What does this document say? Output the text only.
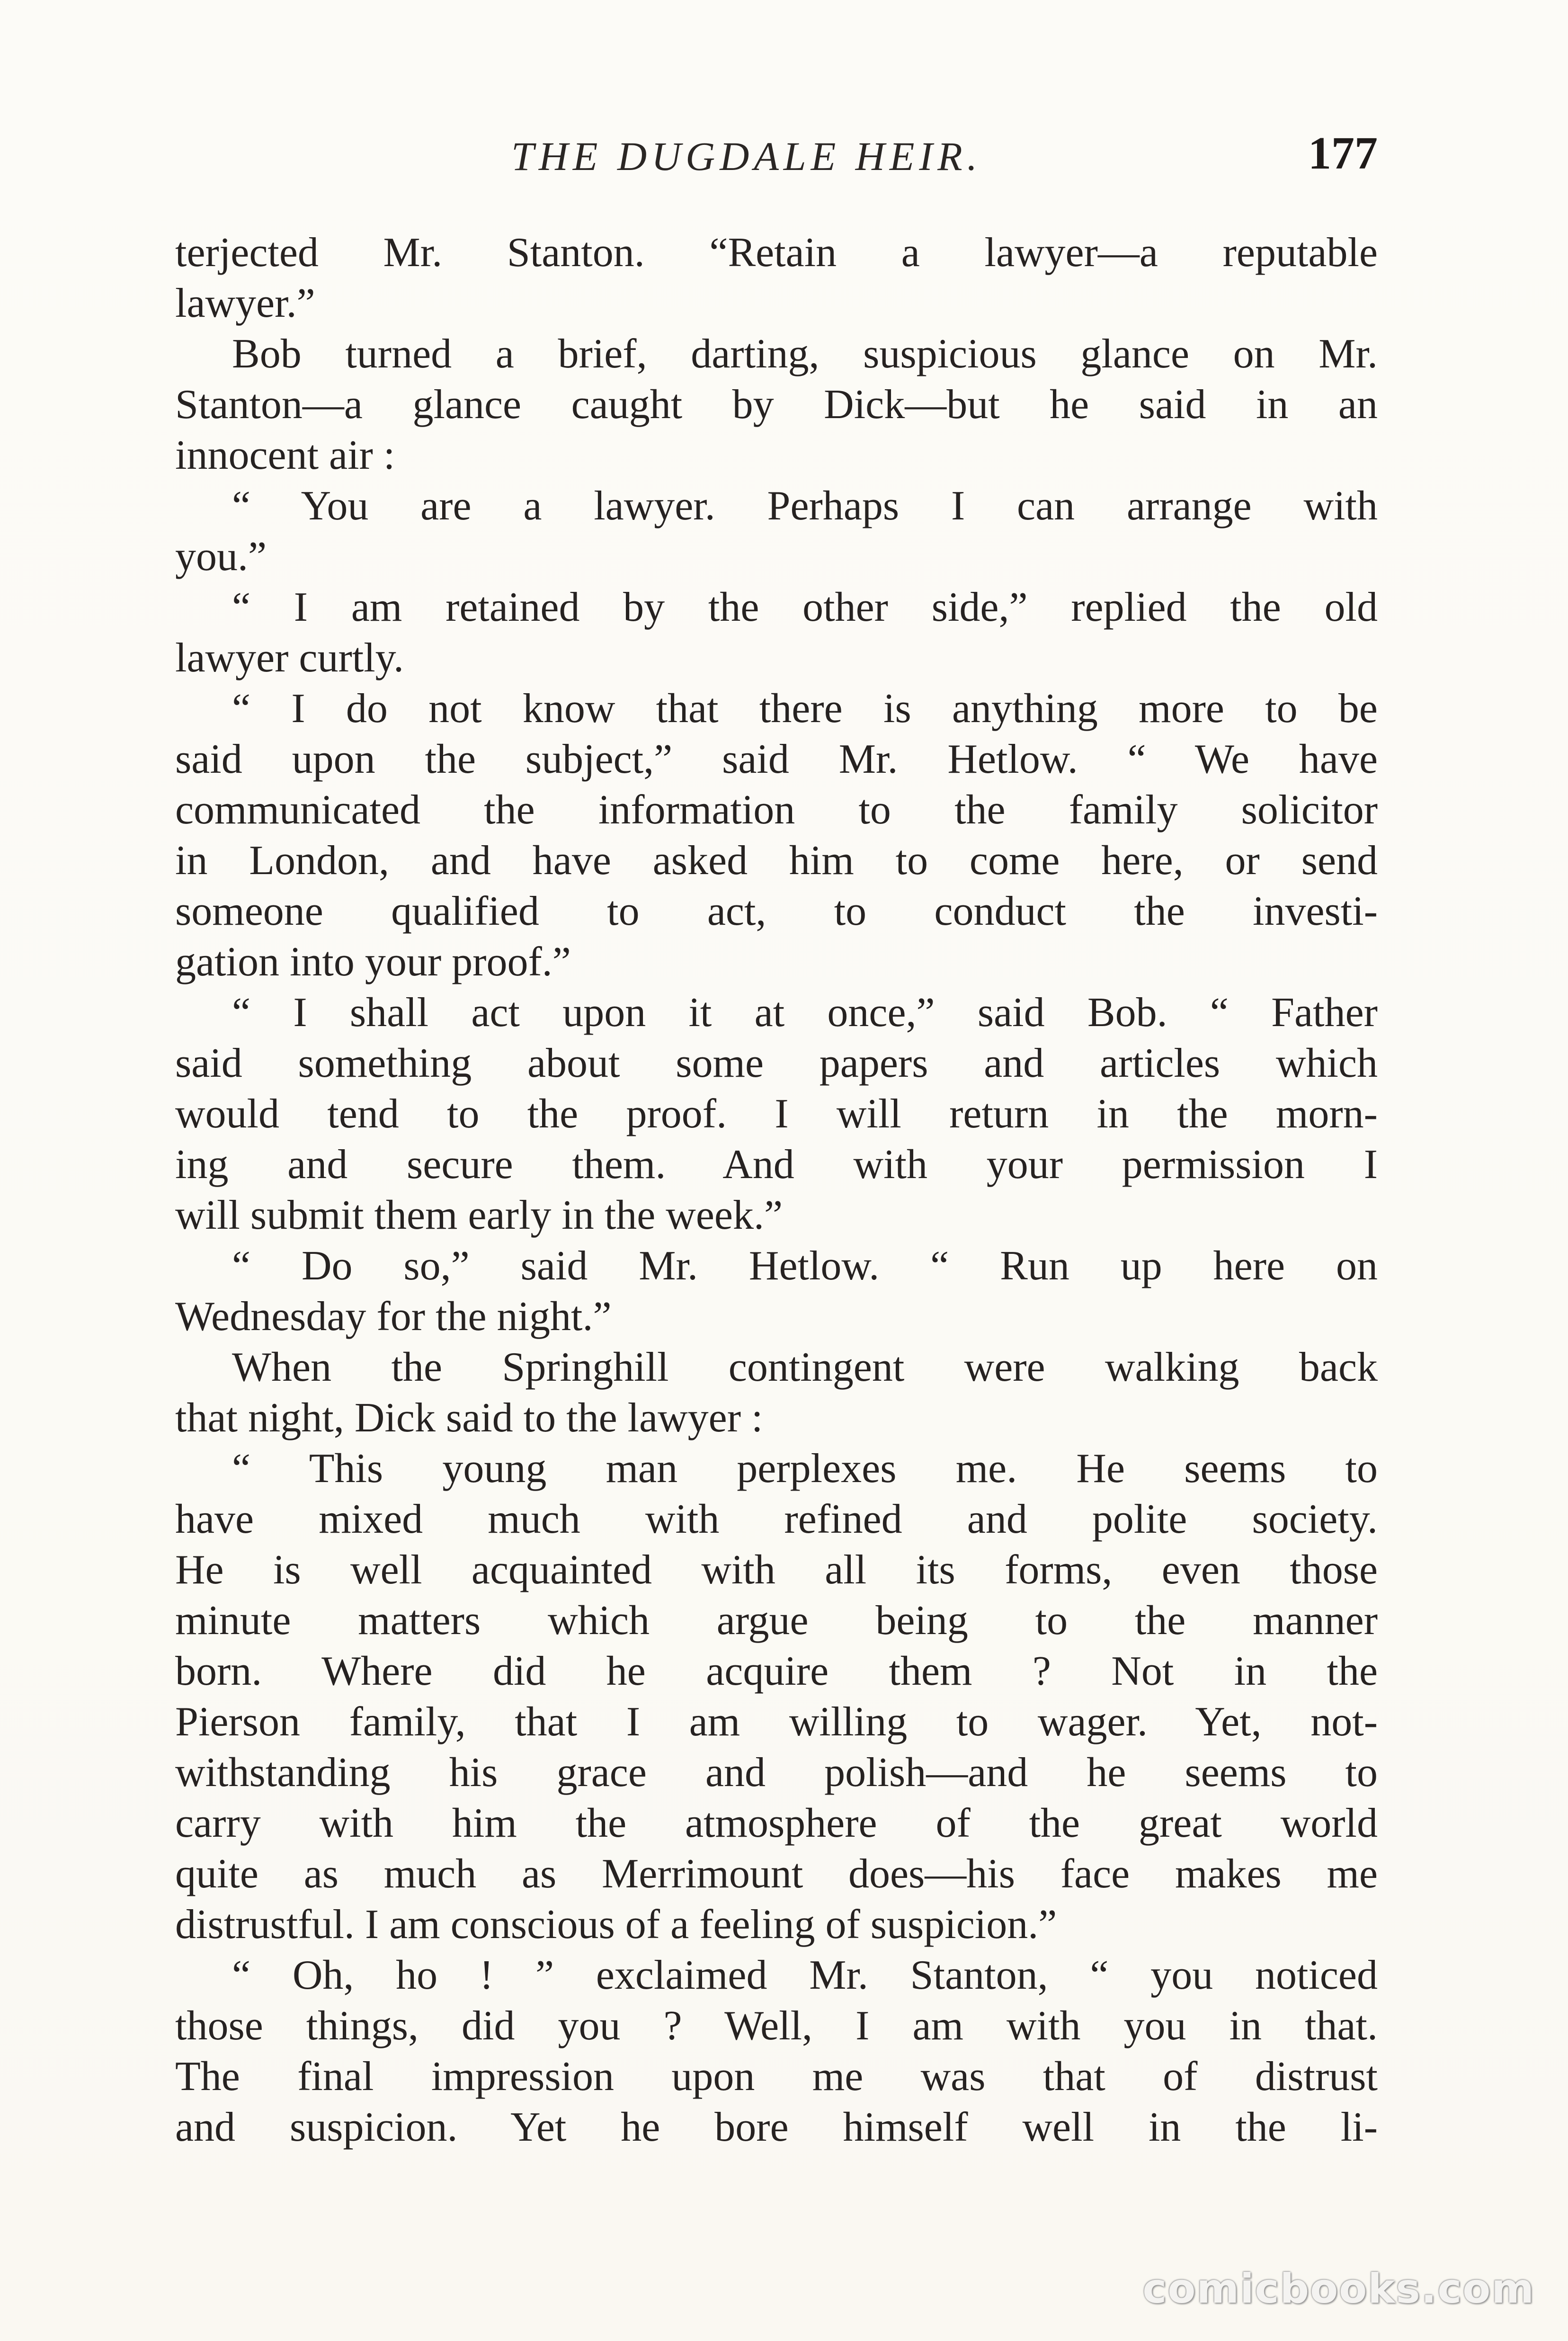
THE DUGDALE HEIR.	177
terjected Mr. Stanton. “Retain a lawyer—a reputable
lawyer.”
Bob turned a brief, darting, suspicious glance on Mr.
Stanton—a glance caught by Dick—but he said in an
innocent air :
“ You are a lawyer. Perhaps I can arrange with
you.”
“ I am retained by the other side,” replied the old
lawyer curtly.
“ I do not know that there is anything more to be
said upon the subject,” said Mr. Hetlow. “ We have
communicated the information to the family solicitor
in London, and have asked him to come here, or send
someone qualified to act, to conduct the investi-
gation into your proof.”
“ I shall act upon it at once,” said Bob. “ Father
said something about some papers and articles which
would tend to the proof. I will return in the morn-
ing and secure them. And with your permission I
will submit them early in the week.”
“ Do so,” said Mr. Hetlow. “ Run up here on
Wednesday for the night.”
When the Springhill contingent were walking back
that night, Dick said to the lawyer :
“ This young man perplexes me. He seems to
have mixed much with refined and polite society.
He is well acquainted with all its forms, even those
minute matters which argue being to the manner
born. Where did he acquire them ? Not in the
Pierson family, that I am willing to wager. Yet, not-
withstanding his grace and polish—and he seems to
carry with him the atmosphere of the great world
quite as much as Merrimount does—his face makes me
distrustful. I am conscious of a feeling of suspicion.”
“ Oh, ho ! ” exclaimed Mr. Stanton, “ you noticed
those things, did you ? Well, I am with you in that.
The final impression upon me was that of distrust
and suspicion. Yet he bore himself well in the li-
comicbooks.com
